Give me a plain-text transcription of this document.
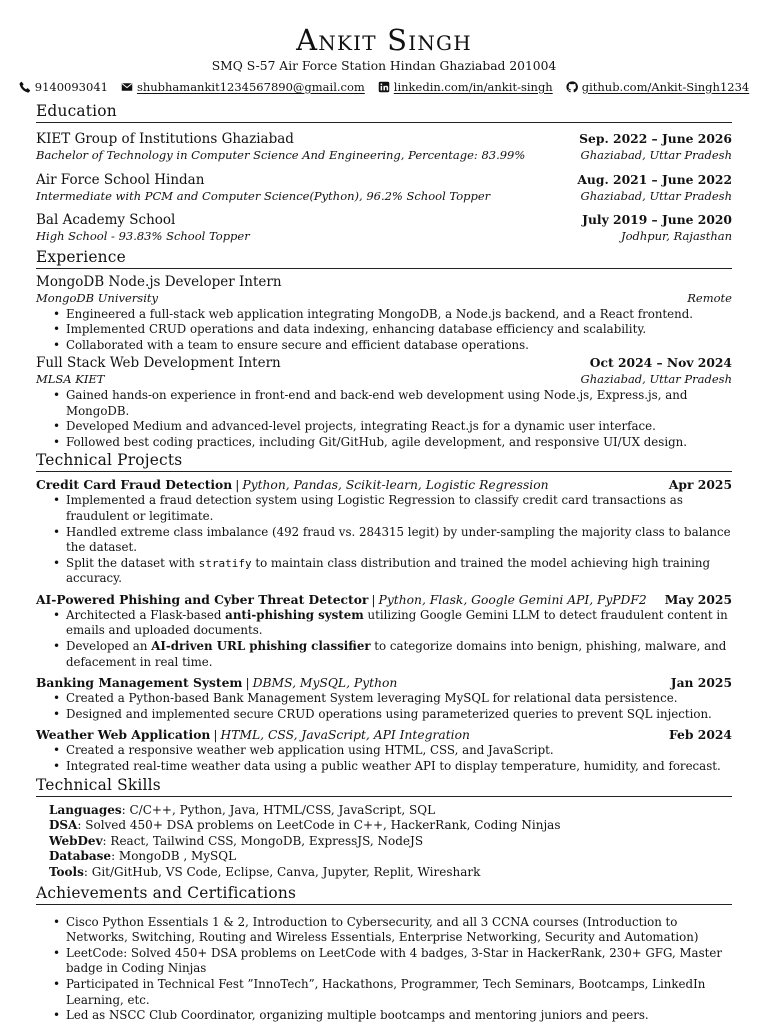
Ankit Singh
SMQ S-57 Air Force Station Hindan Ghaziabad 201004
9140093041	shubhamankit1234567890@gmail.com	linkedin.com/in/ankit-singh	github.com/Ankit-Singh1234
Education
KIET Group of Institutions Ghaziabad	Sep. 2022 – June 2026
Bachelor of Technology in Computer Science And Engineering, Percentage: 83.99%	Ghaziabad, Uttar Pradesh
Air Force School Hindan	Aug. 2021 – June 2022
Intermediate with PCM and Computer Science(Python), 96.2% School Topper	Ghaziabad, Uttar Pradesh
Bal Academy School	July 2019 – June 2020
High School - 93.83% School Topper	Jodhpur, Rajasthan
Experience
MongoDB Node.js Developer Intern
MongoDB University	Remote
• Engineered a full-stack web application integrating MongoDB, a Node.js backend, and a React frontend.
• Implemented CRUD operations and data indexing, enhancing database efficiency and scalability.
• Collaborated with a team to ensure secure and efficient database operations.
Full Stack Web Development Intern	Oct 2024 – Nov 2024
MLSA KIET	Ghaziabad, Uttar Pradesh
• Gained hands-on experience in front-end and back-end web development using Node.js, Express.js, and MongoDB.
• Developed Medium and advanced-level projects, integrating React.js for a dynamic user interface.
• Followed best coding practices, including Git/GitHub, agile development, and responsive UI/UX design.
Technical Projects
Credit Card Fraud Detection | Python, Pandas, Scikit-learn, Logistic Regression	Apr 2025
• Implemented a fraud detection system using Logistic Regression to classify credit card transactions as fraudulent or legitimate.
• Handled extreme class imbalance (492 fraud vs. 284315 legit) by under-sampling the majority class to balance the dataset.
• Split the dataset with stratify to maintain class distribution and trained the model achieving high training accuracy.
AI-Powered Phishing and Cyber Threat Detector | Python, Flask, Google Gemini API, PyPDF2 May 2025
• Architected a Flask-based anti-phishing system utilizing Google Gemini LLM to detect fraudulent content in emails and uploaded documents.
• Developed an AI-driven URL phishing classifier to categorize domains into benign, phishing, malware, and defacement in real time.
Banking Management System | DBMS, MySQL, Python	Jan 2025
• Created a Python-based Bank Management System leveraging MySQL for relational data persistence.
• Designed and implemented secure CRUD operations using parameterized queries to prevent SQL injection.
Weather Web Application | HTML, CSS, JavaScript, API Integration	Feb 2024
• Created a responsive weather web application using HTML, CSS, and JavaScript.
• Integrated real-time weather data using a public weather API to display temperature, humidity, and forecast.
Technical Skills
Languages: C/C++, Python, Java, HTML/CSS, JavaScript, SQL
DSA: Solved 450+ DSA problems on LeetCode in C++, HackerRank, Coding Ninjas
WebDev: React, Tailwind CSS, MongoDB, ExpressJS, NodeJS
Database: MongoDB , MySQL
Tools: Git/GitHub, VS Code, Eclipse, Canva, Jupyter, Replit, Wireshark
Achievements and Certifications
• Cisco Python Essentials 1 & 2, Introduction to Cybersecurity, and all 3 CCNA courses (Introduction to Networks, Switching, Routing and Wireless Essentials, Enterprise Networking, Security and Automation)
• LeetCode: Solved 450+ DSA problems on LeetCode with 4 badges, 3-Star in HackerRank, 230+ GFG, Master badge in Coding Ninjas
• Participated in Technical Fest ”InnoTech”, Hackathons, Programmer, Tech Seminars, Bootcamps, LinkedIn Learning, etc.
• Led as NSCC Club Coordinator, organizing multiple bootcamps and mentoring juniors and peers.
